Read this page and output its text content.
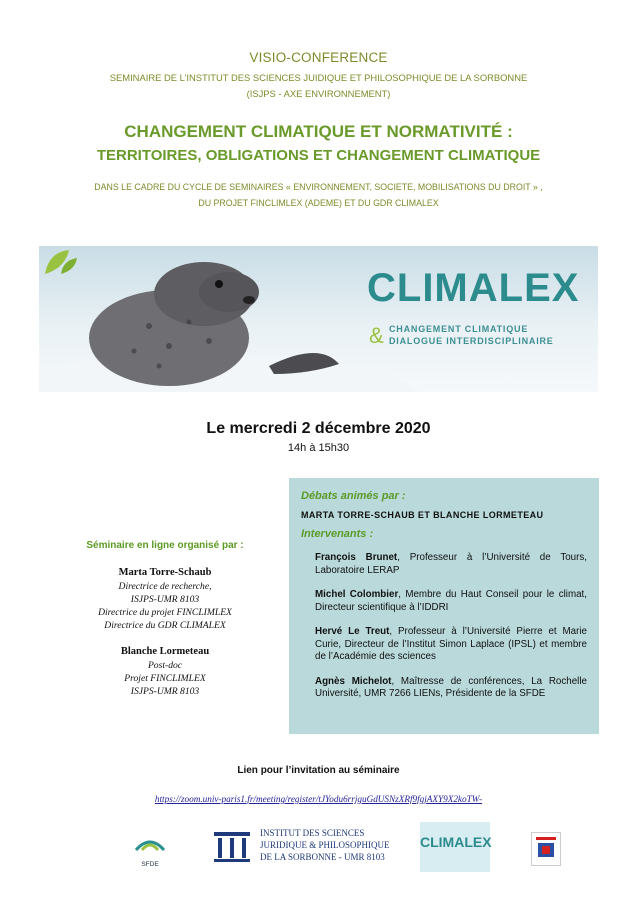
VISIO-CONFERENCE
SEMINAIRE DE L’INSTITUT DES SCIENCES JUIDIQUE ET PHILOSOPHIQUE DE LA SORBONNE
(ISJPS - AXE ENVIRONNEMENT)
CHANGEMENT CLIMATIQUE ET NORMATIVITÉ :
TERRITOIRES, OBLIGATIONS ET CHANGEMENT CLIMATIQUE
DANS LE CADRE DU CYCLE DE SEMINAIRES « ENVIRONNEMENT, SOCIETE, MOBILISATIONS DU DROIT » ,
DU PROJET FINCLIMLEX (ADEME) ET DU GDR CLIMALEX
CLIMALEX
& CHANGEMENT CLIMATIQUE
DIALOGUE INTERDISCIPLINAIRE
Le mercredi 2 décembre 2020
14h à 15h30
Séminaire en ligne organisé par :
Marta Torre-Schaub
Directrice de recherche,
ISJPS-UMR 8103
Directrice du projet FINCLIMLEX
Directrice du GDR CLIMALEX
Blanche Lormeteau
Post-doc
Projet FINCLIMLEX
ISJPS-UMR 8103
Débats animés par :
MARTA TORRE-SCHAUB ET BLANCHE LORMETEAU
Intervenants :
François Brunet, Professeur à l’Université de Tours, Laboratoire LERAP
Michel Colombier, Membre du Haut Conseil pour le climat, Directeur scientifique à l’IDDRI
Hervé Le Treut, Professeur à l’Université Pierre et Marie Curie, Directeur de l’Institut Simon Laplace (IPSL) et membre de l’Académie des sciences
Agnès Michelot, Maîtresse de conférences, La Rochelle Université, UMR 7266 LIENs, Présidente de la SFDE
Lien pour l’invitation au séminaire
https://zoom.univ-paris1.fr/meeting/register/tJYodu6rrjguGdUSNzXRf9fgjAXY9X2koTW-
SFDE
INSTITUT DES SCIENCES
JURIDIQUE & PHILOSOPHIQUE
DE LA SORBONNE - UMR 8103
CLIMALEX
